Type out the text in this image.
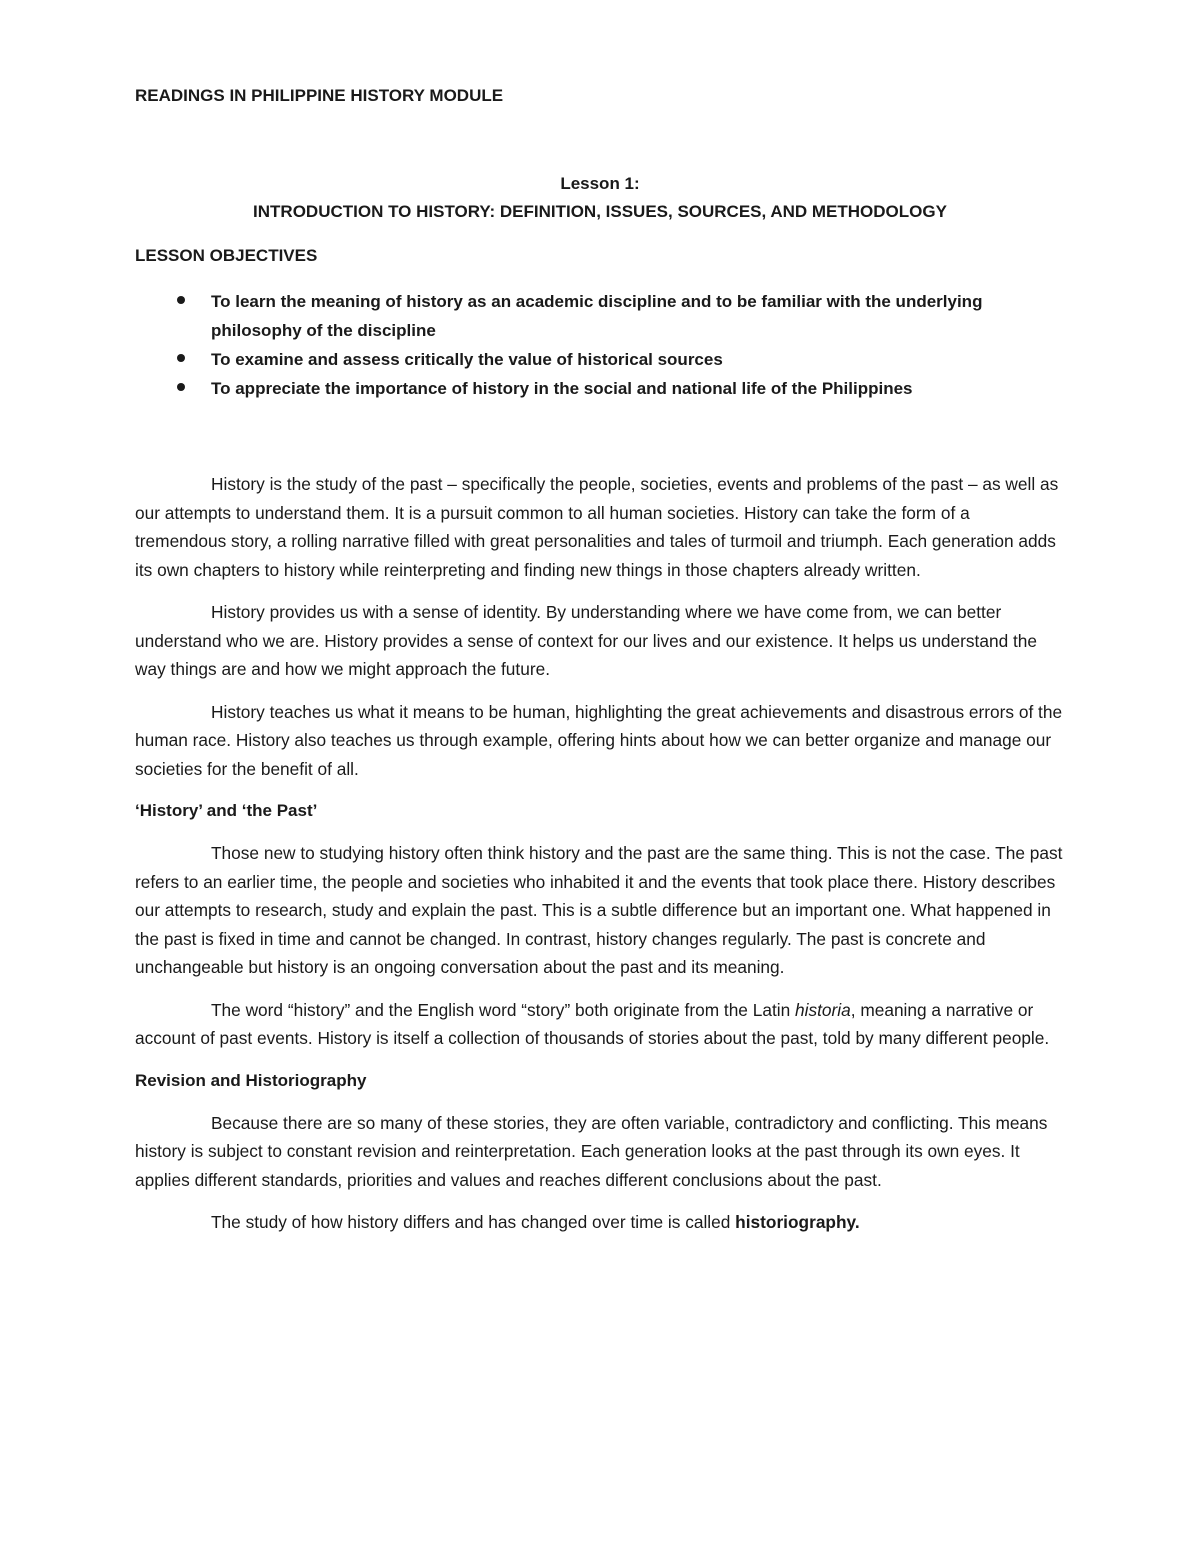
READINGS IN PHILIPPINE HISTORY MODULE
Lesson 1:
INTRODUCTION TO HISTORY: DEFINITION, ISSUES, SOURCES, AND METHODOLOGY
LESSON OBJECTIVES
To learn the meaning of history as an academic discipline and to be familiar with the underlying philosophy of the discipline
To examine and assess critically the value of historical sources
To appreciate the importance of history in the social and national life of the Philippines

History is the study of the past – specifically the people, societies, events and problems of the past – as well as our attempts to understand them. It is a pursuit common to all human societies. History can take the form of a tremendous story, a rolling narrative filled with great personalities and tales of turmoil and triumph. Each generation adds its own chapters to history while reinterpreting and finding new things in those chapters already written.

History provides us with a sense of identity. By understanding where we have come from, we can better understand who we are. History provides a sense of context for our lives and our existence. It helps us understand the way things are and how we might approach the future.

History teaches us what it means to be human, highlighting the great achievements and disastrous errors of the human race. History also teaches us through example, offering hints about how we can better organize and manage our societies for the benefit of all.

‘History’ and ‘the Past’

Those new to studying history often think history and the past are the same thing. This is not the case. The past refers to an earlier time, the people and societies who inhabited it and the events that took place there. History describes our attempts to research, study and explain the past. This is a subtle difference but an important one. What happened in the past is fixed in time and cannot be changed. In contrast, history changes regularly. The past is concrete and unchangeable but history is an ongoing conversation about the past and its meaning.

The word “history” and the English word “story” both originate from the Latin historia, meaning a narrative or account of past events. History is itself a collection of thousands of stories about the past, told by many different people.

Revision and Historiography

Because there are so many of these stories, they are often variable, contradictory and conflicting. This means history is subject to constant revision and reinterpretation. Each generation looks at the past through its own eyes. It applies different standards, priorities and values and reaches different conclusions about the past.

The study of how history differs and has changed over time is called historiography.
